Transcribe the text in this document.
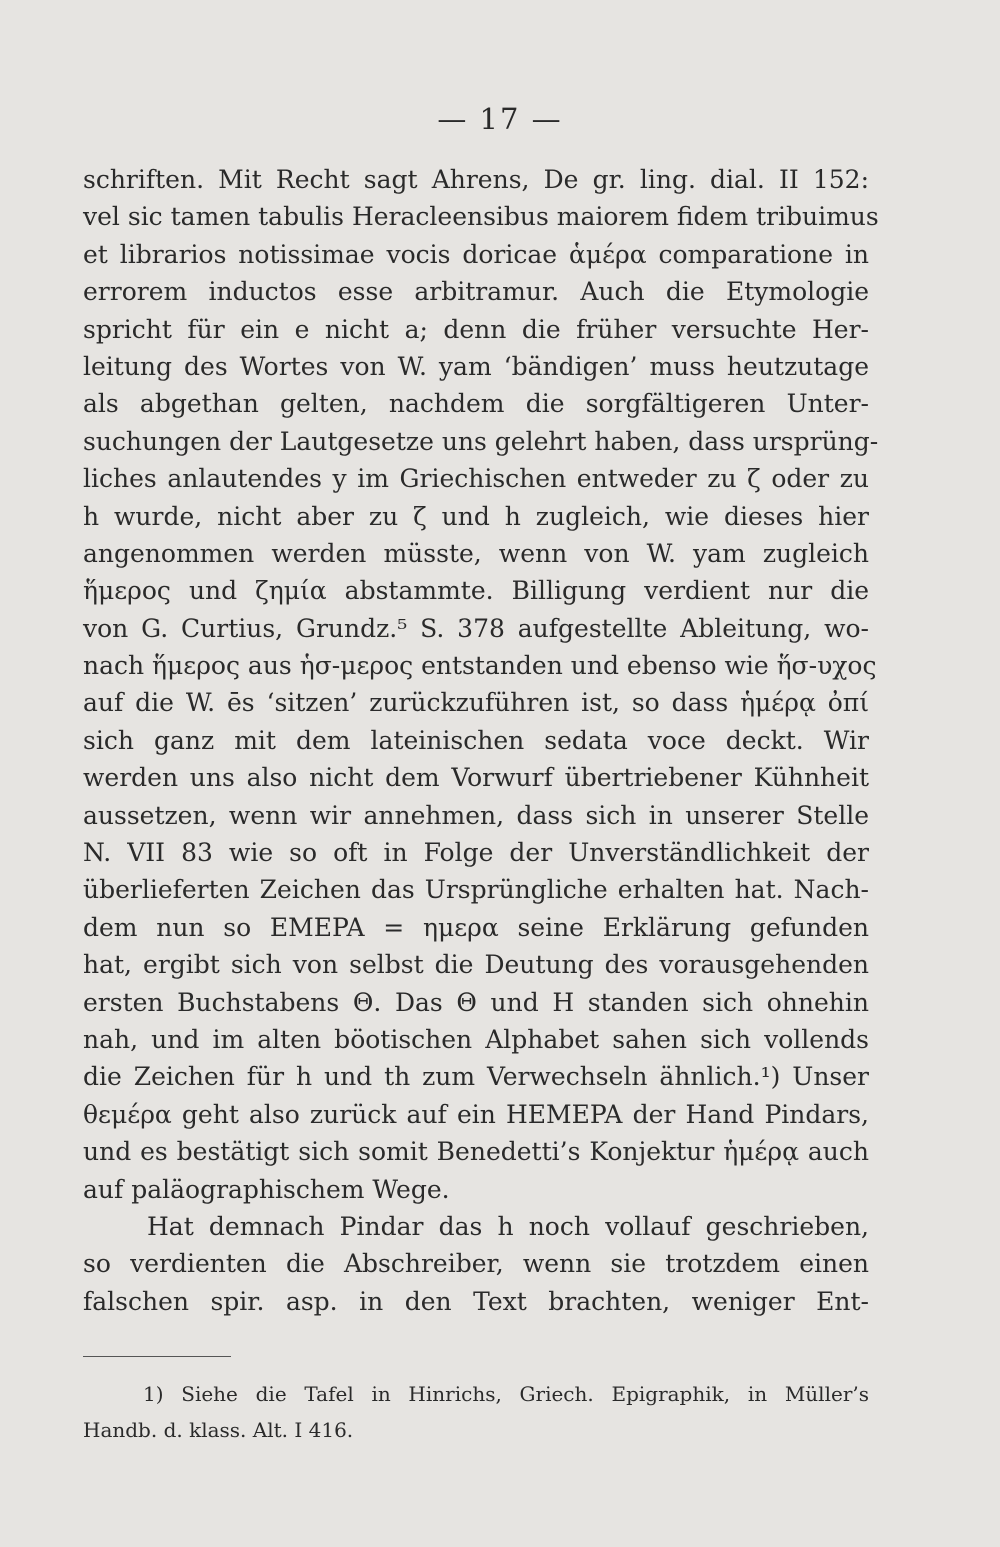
— 17 —
schriften. Mit Recht sagt Ahrens, De gr. ling. dial. II 152:
vel sic tamen tabulis Heracleensibus maiorem fidem tribuimus
et librarios notissimae vocis doricae ἁμέρα comparatione in
errorem inductos esse arbitramur. Auch die Etymologie
spricht für ein e nicht a; denn die früher versuchte Her-
leitung des Wortes von W. yam ‘bändigen’ muss heutzutage
als abgethan gelten, nachdem die sorgfältigeren Unter-
suchungen der Lautgesetze uns gelehrt haben, dass ursprüng-
liches anlautendes y im Griechischen entweder zu ζ oder zu
h wurde, nicht aber zu ζ und h zugleich, wie dieses hier
angenommen werden müsste, wenn von W. yam zugleich
ἥμερος und ζημία abstammte. Billigung verdient nur die
von G. Curtius, Grundz.⁵ S. 378 aufgestellte Ableitung, wo-
nach ἥμερος aus ἡσ-μερος entstanden und ebenso wie ἥσ-υχος
auf die W. ēs ‘sitzen’ zurückzuführen ist, so dass ἡμέρᾳ ὀπί
sich ganz mit dem lateinischen sedata voce deckt. Wir
werden uns also nicht dem Vorwurf übertriebener Kühnheit
aussetzen, wenn wir annehmen, dass sich in unserer Stelle
N. VII 83 wie so oft in Folge der Unverständlichkeit der
überlieferten Zeichen das Ursprüngliche erhalten hat. Nach-
dem nun so EMEPA = ημερα seine Erklärung gefunden
hat, ergibt sich von selbst die Deutung des vorausgehenden
ersten Buchstabens Θ. Das Θ und H standen sich ohnehin
nah, und im alten böotischen Alphabet sahen sich vollends
die Zeichen für h und th zum Verwechseln ähnlich.¹) Unser
θεμέρα geht also zurück auf ein HEMEPA der Hand Pindars,
und es bestätigt sich somit Benedetti’s Konjektur ἡμέρᾳ auch
auf paläographischem Wege.
Hat demnach Pindar das h noch vollauf geschrieben,
so verdienten die Abschreiber, wenn sie trotzdem einen
falschen spir. asp. in den Text brachten, weniger Ent-
1) Siehe die Tafel in Hinrichs, Griech. Epigraphik, in Müller’s
Handb. d. klass. Alt. I 416.
